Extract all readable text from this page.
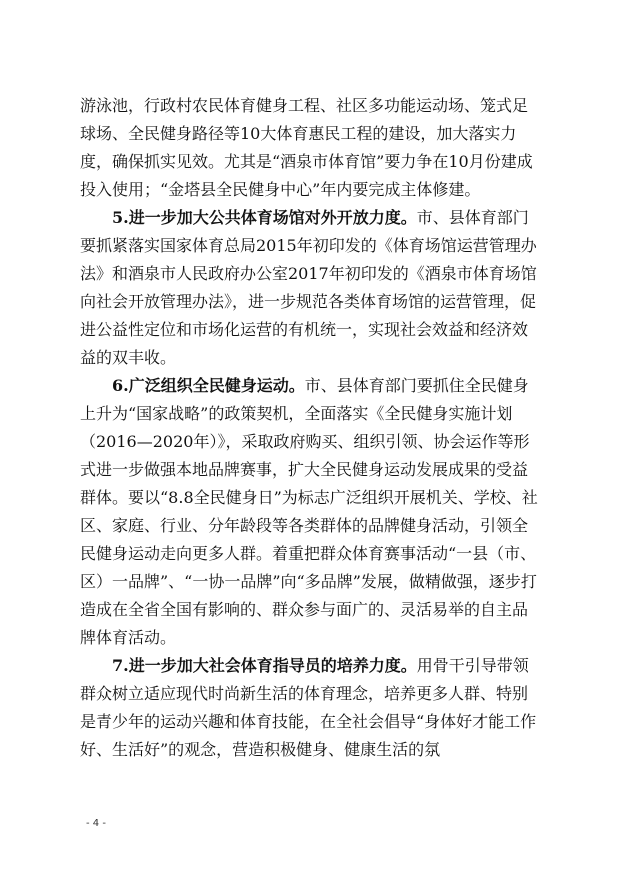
游泳池，行政村农民体育健身工程、社区多功能运动场、笼式足球场、全民健身路径等10大体育惠民工程的建设，加大落实力度，确保抓实见效。尤其是“酒泉市体育馆”要力争在10月份建成投入使用；“金塔县全民健身中心”年内要完成主体修建。

5.进一步加大公共体育场馆对外开放力度。市、县体育部门要抓紧落实国家体育总局2015年初印发的《体育场馆运营管理办法》和酒泉市人民政府办公室2017年初印发的《酒泉市体育场馆向社会开放管理办法》，进一步规范各类体育场馆的运营管理，促进公益性定位和市场化运营的有机统一，实现社会效益和经济效益的双丰收。

6.广泛组织全民健身运动。市、县体育部门要抓住全民健身上升为“国家战略”的政策契机，全面落实《全民健身实施计划（2016—2020年）》，采取政府购买、组织引领、协会运作等形式进一步做强本地品牌赛事，扩大全民健身运动发展成果的受益群体。要以“8.8全民健身日”为标志广泛组织开展机关、学校、社区、家庭、行业、分年龄段等各类群体的品牌健身活动，引领全民健身运动走向更多人群。着重把群众体育赛事活动“一县（市、区）一品牌”、“一协一品牌”向“多品牌”发展，做精做强，逐步打造成在全省全国有影响的、群众参与面广的、灵活易举的自主品牌体育活动。

7.进一步加大社会体育指导员的培养力度。用骨干引导带领群众树立适应现代时尚新生活的体育理念，培养更多人群、特别是青少年的运动兴趣和体育技能，在全社会倡导“身体好才能工作好、生活好”的观念，营造积极健身、健康生活的氛

- 4 -
